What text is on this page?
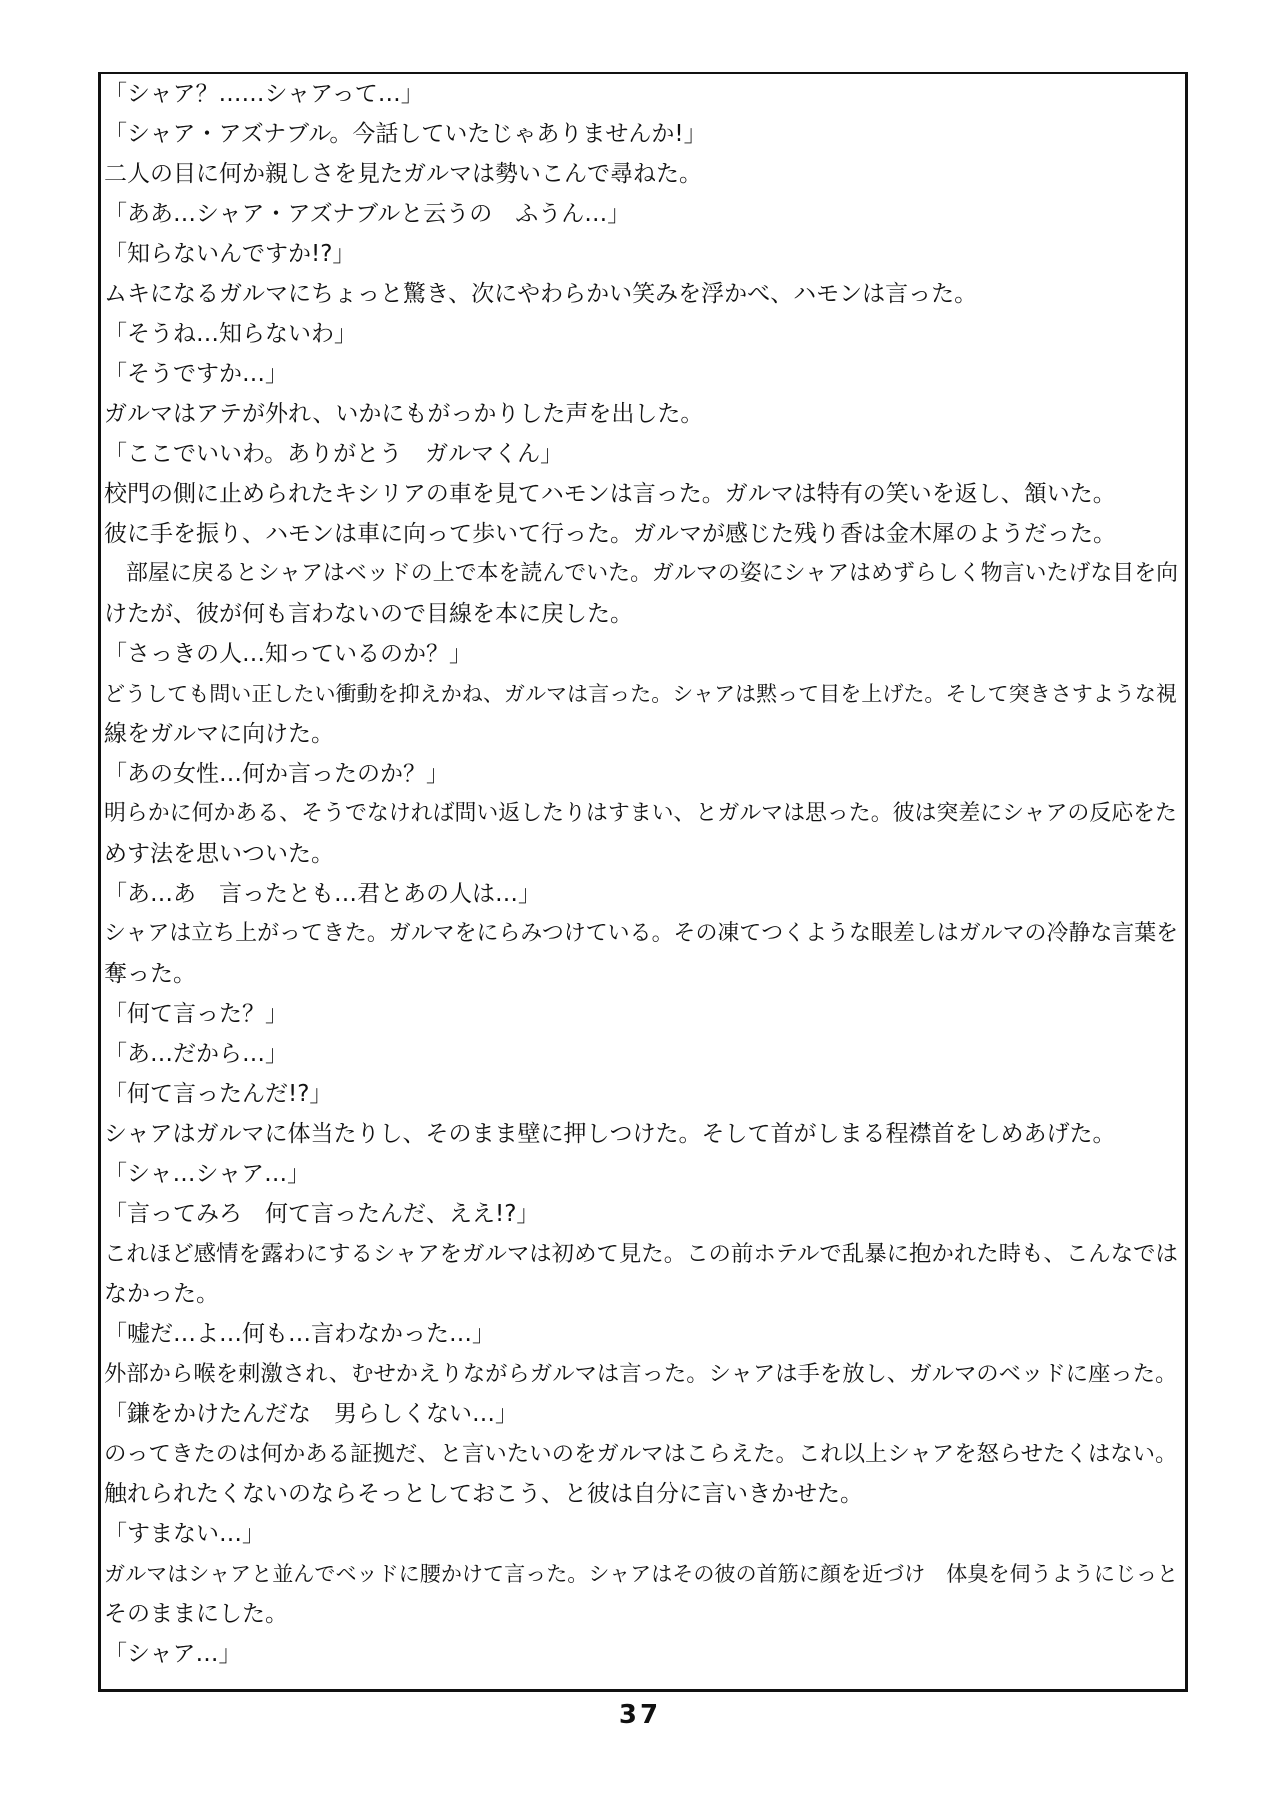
「シャア？……シャアって…」
「シャア・アズナブル。今話していたじゃありませんか!」
二人の目に何か親しさを見たガルマは勢いこんで尋ねた。
「ああ…シャア・アズナブルと云うの　ふうん…」
「知らないんですか!?」
ムキになるガルマにちょっと驚き、次にやわらかい笑みを浮かべ、ハモンは言った。
「そうね…知らないわ」
「そうですか…」
ガルマはアテが外れ、いかにもがっかりした声を出した。
「ここでいいわ。ありがとう　ガルマくん」
校門の側に止められたキシリアの車を見てハモンは言った。ガルマは特有の笑いを返し、頷いた。
彼に手を振り、ハモンは車に向って歩いて行った。ガルマが感じた残り香は金木犀のようだった。
　部屋に戻るとシャアはベッドの上で本を読んでいた。ガルマの姿にシャアはめずらしく物言いたげな目を向
けたが、彼が何も言わないので目線を本に戻した。
「さっきの人…知っているのか？」
どうしても問い正したい衝動を抑えかね、ガルマは言った。シャアは黙って目を上げた。そして突きさすような視
線をガルマに向けた。
「あの女性…何か言ったのか？」
明らかに何かある、そうでなければ問い返したりはすまい、とガルマは思った。彼は突差にシャアの反応をた
めす法を思いついた。
「あ…あ　言ったとも…君とあの人は…」
シャアは立ち上がってきた。ガルマをにらみつけている。その凍てつくような眼差しはガルマの冷静な言葉を
奪った。
「何て言った？」
「あ…だから…」
「何て言ったんだ!?」
シャアはガルマに体当たりし、そのまま壁に押しつけた。そして首がしまる程襟首をしめあげた。
「シャ…シャア…」
「言ってみろ　何て言ったんだ、ええ!?」
これほど感情を露わにするシャアをガルマは初めて見た。この前ホテルで乱暴に抱かれた時も、こんなでは
なかった。
「嘘だ…よ…何も…言わなかった…」
外部から喉を刺激され、むせかえりながらガルマは言った。シャアは手を放し、ガルマのベッドに座った。
「鎌をかけたんだな　男らしくない…」
のってきたのは何かある証拠だ、と言いたいのをガルマはこらえた。これ以上シャアを怒らせたくはない。
触れられたくないのならそっとしておこう、と彼は自分に言いきかせた。
「すまない…」
ガルマはシャアと並んでベッドに腰かけて言った。シャアはその彼の首筋に顔を近づけ　体臭を伺うようにじっと
そのままにした。
「シャア…」
37
